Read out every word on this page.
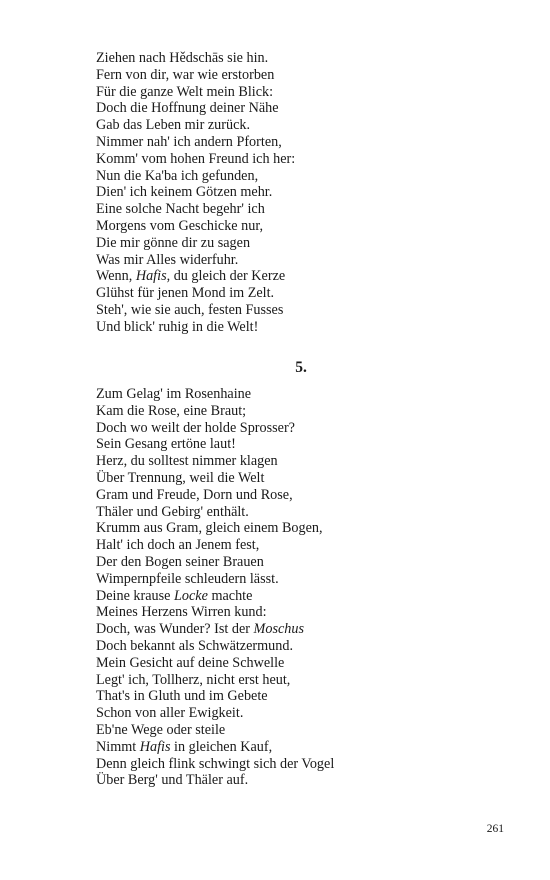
Ziehen nach Hědschās sie hin.
Fern von dir, war wie erstorben
Für die ganze Welt mein Blick:
Doch die Hoffnung deiner Nähe
Gab das Leben mir zurück.
Nimmer nah' ich andern Pforten,
Komm' vom hohen Freund ich her:
Nun die Ka'ba ich gefunden,
Dien' ich keinem Götzen mehr.
Eine solche Nacht begehr' ich
Morgens vom Geschicke nur,
Die mir gönne dir zu sagen
Was mir Alles widerfuhr.
Wenn, Hafis, du gleich der Kerze
Glühst für jenen Mond im Zelt.
Steh', wie sie auch, festen Fusses
Und blick' ruhig in die Welt!
5.
Zum Gelag' im Rosenhaine
Kam die Rose, eine Braut;
Doch wo weilt der holde Sprosser?
Sein Gesang ertöne laut!
Herz, du solltest nimmer klagen
Über Trennung, weil die Welt
Gram und Freude, Dorn und Rose,
Thäler und Gebirg' enthält.
Krumm aus Gram, gleich einem Bogen,
Halt' ich doch an Jenem fest,
Der den Bogen seiner Brauen
Wimpernpfeile schleudern lässt.
Deine krause Locke machte
Meines Herzens Wirren kund:
Doch, was Wunder? Ist der Moschus
Doch bekannt als Schwätzermund.
Mein Gesicht auf deine Schwelle
Legt' ich, Tollherz, nicht erst heut,
That's in Gluth und im Gebete
Schon von aller Ewigkeit.
Eb'ne Wege oder steile
Nimmt Hafis in gleichen Kauf,
Denn gleich flink schwingt sich der Vogel
Über Berg' und Thäler auf.
261
